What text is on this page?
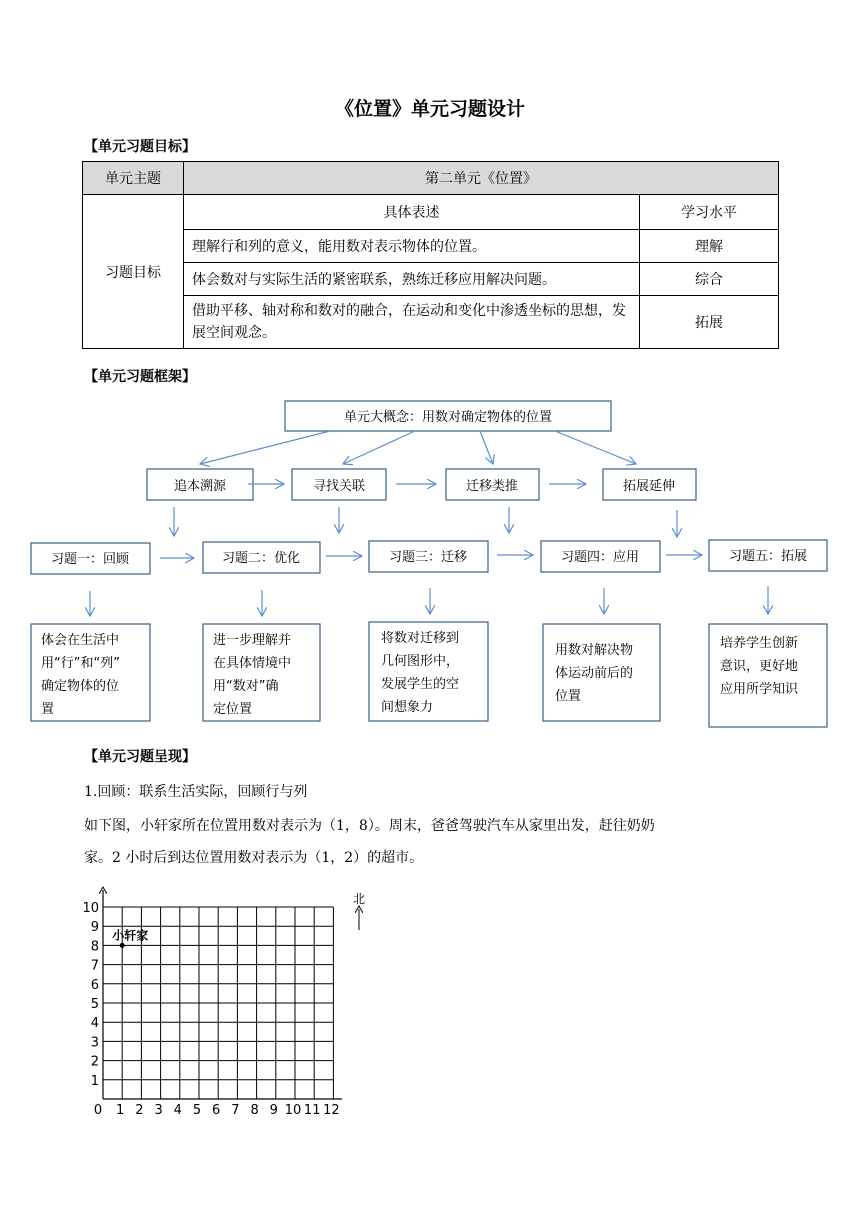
《位置》单元习题设计
【单元习题目标】
单元主题	第二单元《位置》	
习题目标	具体表述	学习水平
	理解行和列的意义，能用数对表示物体的位置。	理解
	体会数对与实际生活的紧密联系，熟练迁移应用解决问题。	综合
	借助平移、轴对称和数对的融合，在运动和变化中渗透坐标的思想，发展空间观念。	拓展
【单元习题框架】
单元大概念：用数对确定物体的位置
追本溯源	寻找关联	迁移类推	拓展延伸
习题一：回顾	习题二：优化	习题三：迁移	习题四：应用	习题五：拓展
体会在生活中
用“行”和“列”
确定物体的位
置
进一步理解并
在具体情境中
用“数对”确
定位置
将数对迁移到
几何图形中，
发展学生的空
间想象力
用数对解决物
体运动前后的
位置
培养学生创新
意识，更好地
应用所学知识
【单元习题呈现】
1.回顾：联系生活实际，回顾行与列
如下图，小轩家所在位置用数对表示为（1，8）。周末，爸爸驾驶汽车从家里出发，赶往奶奶
家。2 小时后到达位置用数对表示为（1，2）的超市。
0 1 2 3 4 5 6 7 8 9 10 11 12
1
2
3
4
5
6
7
8
9
10
小轩家
北
